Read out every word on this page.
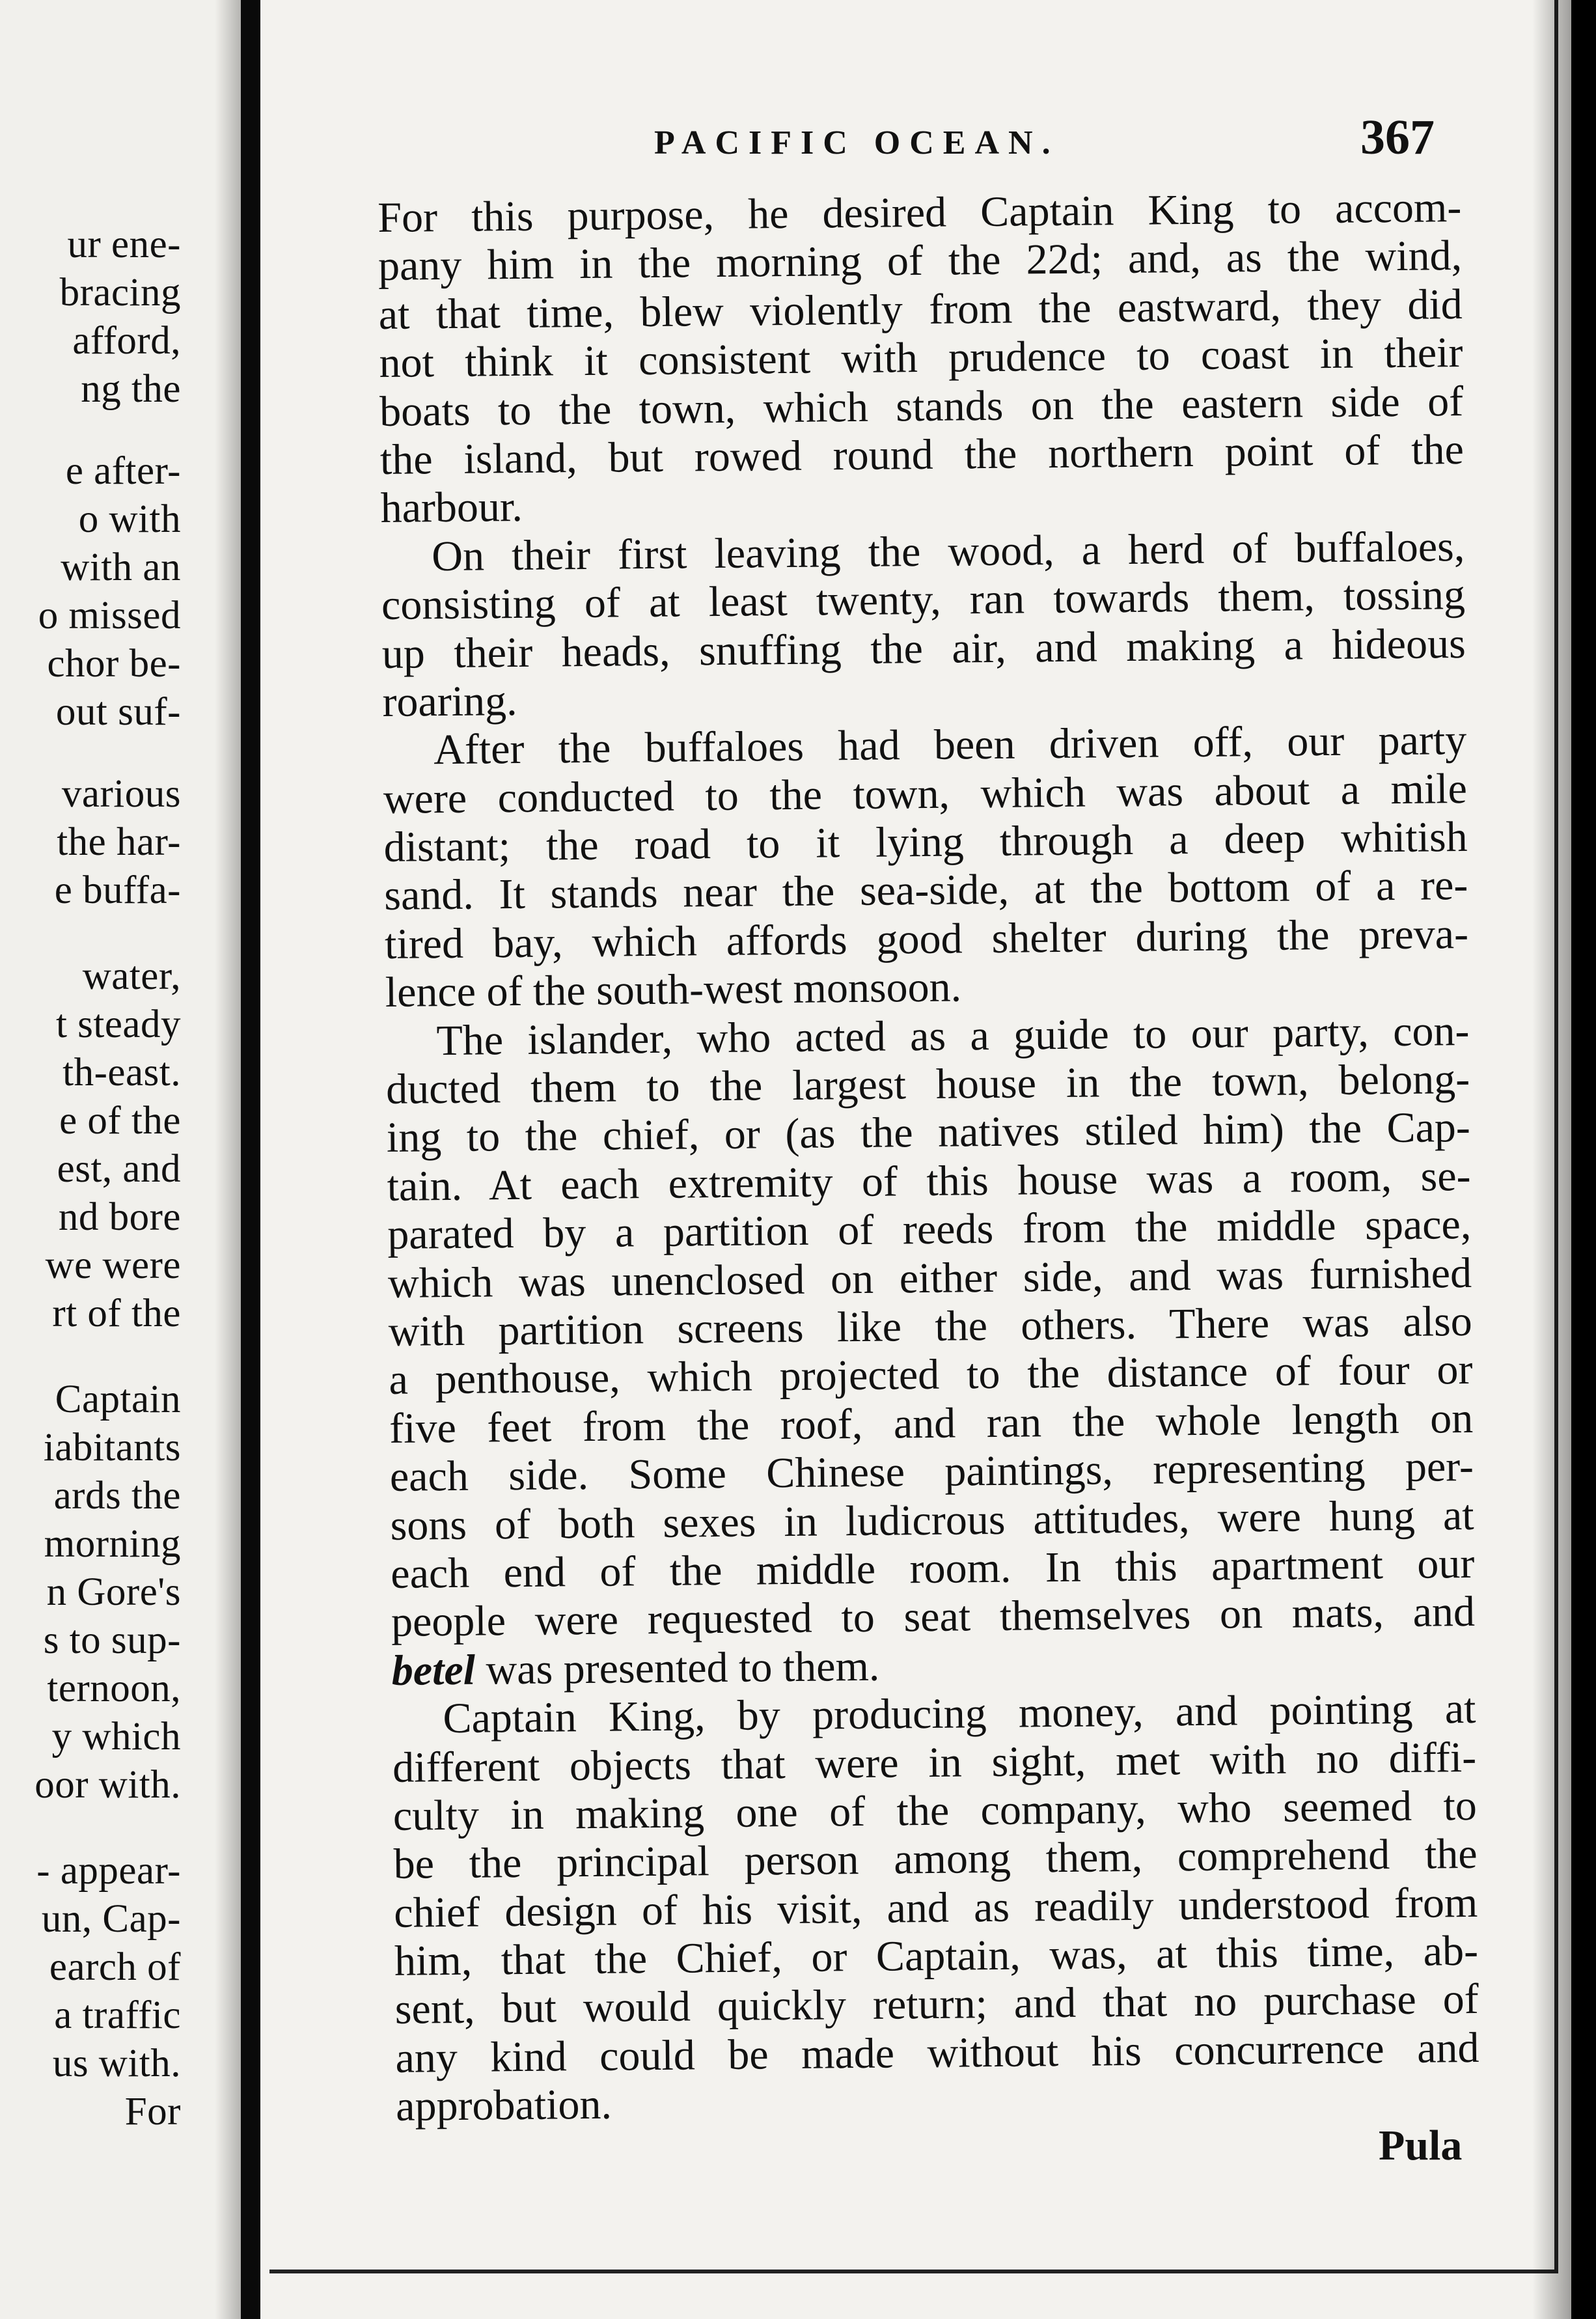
ur ene-
bracing
afford,
ng the
e after-
o with
with an
o missed
chor be-
out suf-
various
the har-
e buffa-
water,
t steady
th-east.
e of the
est, and
nd bore
we were
rt of the
Captain
iabitants
ards the
morning
n Gore's
s to sup-
ternoon,
y which
oor with.
- appear-
un, Cap-
earch of
a traffic
us with.
For
PACIFIC OCEAN.	367
For this purpose, he desired Captain King to accom-
pany him in the morning of the 22d; and, as the wind,
at that time, blew violently from the eastward, they did
not think it consistent with prudence to coast in their
boats to the town, which stands on the eastern side of
the island, but rowed round the northern point of the
harbour.
On their first leaving the wood, a herd of buffaloes,
consisting of at least twenty, ran towards them, tossing
up their heads, snuffing the air, and making a hideous
roaring.
After the buffaloes had been driven off, our party
were conducted to the town, which was about a mile
distant; the road to it lying through a deep whitish
sand. It stands near the sea-side, at the bottom of a re-
tired bay, which affords good shelter during the preva-
lence of the south-west monsoon.
The islander, who acted as a guide to our party, con-
ducted them to the largest house in the town, belong-
ing to the chief, or (as the natives stiled him) the Cap-
tain. At each extremity of this house was a room, se-
parated by a partition of reeds from the middle space,
which was unenclosed on either side, and was furnished
with partition screens like the others. There was also
a penthouse, which projected to the distance of four or
five feet from the roof, and ran the whole length on
each side. Some Chinese paintings, representing per-
sons of both sexes in ludicrous attitudes, were hung at
each end of the middle room. In this apartment our
people were requested to seat themselves on mats, and
betel was presented to them.
Captain King, by producing money, and pointing at
different objects that were in sight, met with no diffi-
culty in making one of the company, who seemed to
be the principal person among them, comprehend the
chief design of his visit, and as readily understood from
him, that the Chief, or Captain, was, at this time, ab-
sent, but would quickly return; and that no purchase of
any kind could be made without his concurrence and
approbation.
Pula
